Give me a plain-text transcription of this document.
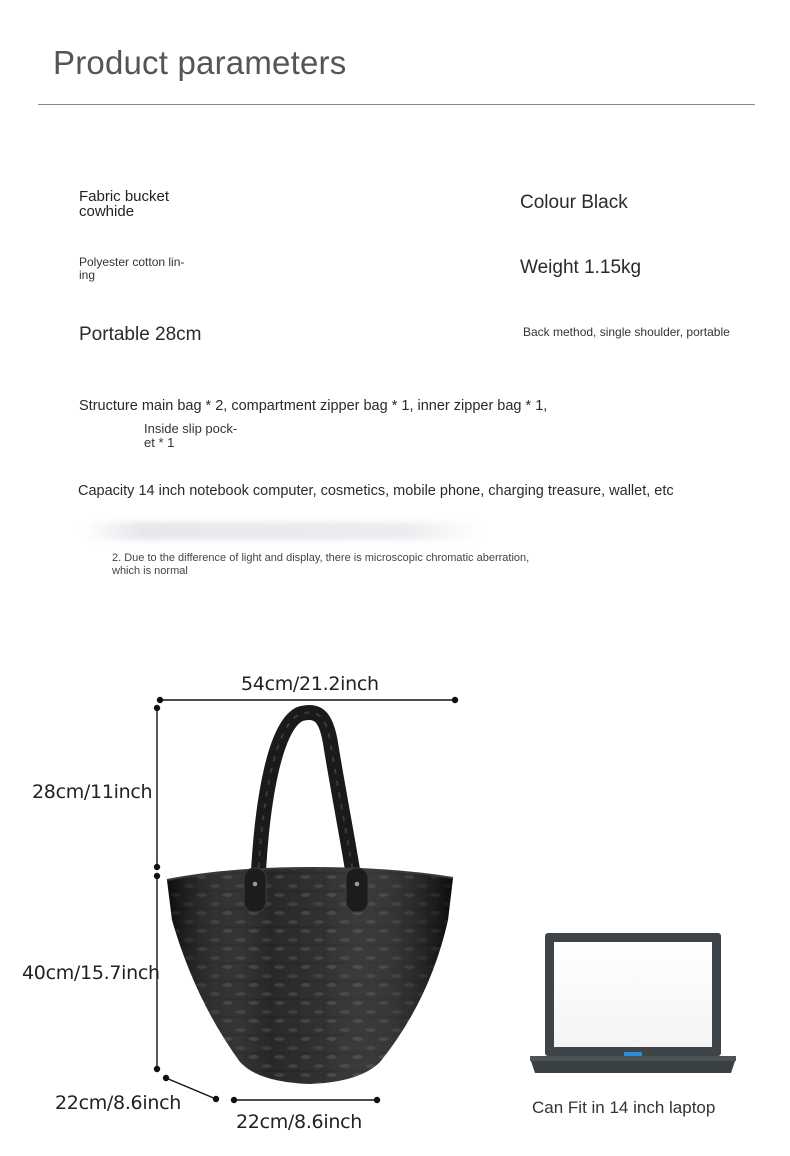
Product parameters
Fabric bucket
cowhide	Colour Black
Polyester cotton lin-
ing	Weight 1.15kg
Portable 28cm	Back method, single shoulder, portable
Structure main bag * 2, compartment zipper bag * 1, inner zipper bag * 1,
Inside slip pock-
et * 1
Capacity 14 inch notebook computer, cosmetics, mobile phone, charging treasure, wallet, etc
2. Due to the difference of light and display, there is microscopic chromatic aberration,
which is normal
54cm/21.2inch
28cm/11inch
40cm/15.7inch
22cm/8.6inch
22cm/8.6inch
Can Fit in 14 inch laptop
